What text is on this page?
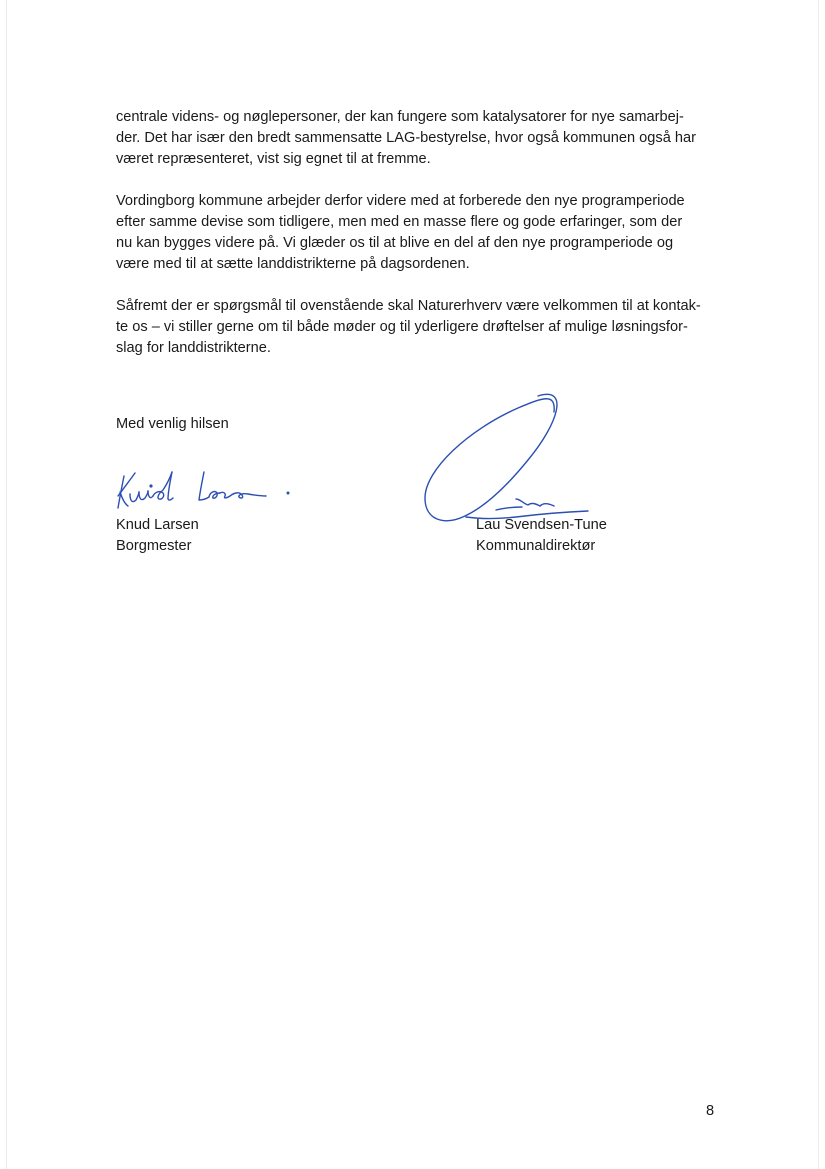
centrale videns- og nøglepersoner, der kan fungere som katalysatorer for nye samarbej-
der. Det har især den bredt sammensatte LAG-bestyrelse, hvor også kommunen også har
været repræsenteret, vist sig egnet til at fremme.

Vordingborg kommune arbejder derfor videre med at forberede den nye programperiode
efter samme devise som tidligere, men med en masse flere og gode erfaringer, som der
nu kan bygges videre på. Vi glæder os til at blive en del af den nye programperiode og
være med til at sætte landdistrikterne på dagsordenen.

Såfremt der er spørgsmål til ovenstående skal Naturerhverv være velkommen til at kontak-
te os – vi stiller gerne om til både møder og til yderligere drøftelser af mulige løsningsfor-
slag for landdistrikterne.

Med venlig hilsen
Knud Larsen
Borgmester
Lau Svendsen-Tune
Kommunaldirektør
8
